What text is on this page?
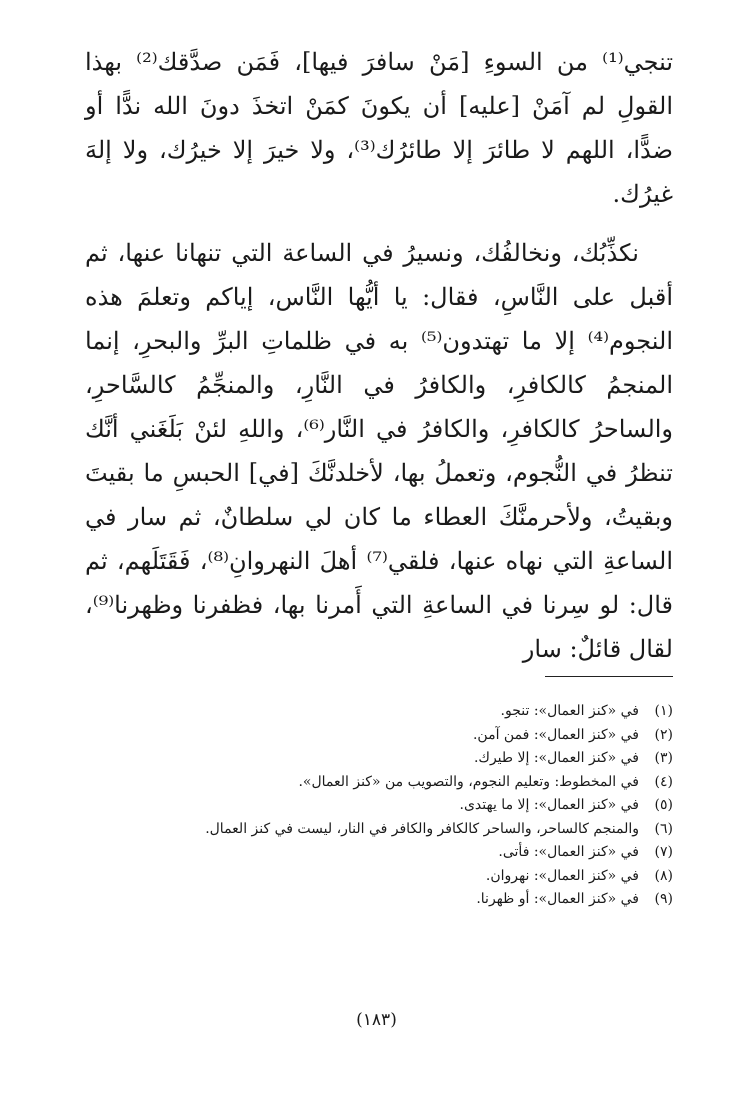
تنجي⁽¹⁾ من السوءِ [مَنْ سافرَ فيها]، فَمَن صدَّقك⁽²⁾ بهذا القولِ لم آمَنْ [عليه] أن يكونَ كمَنْ اتخذَ دونَ الله ندًّا أو ضدًّا، اللهم لا طائرَ إلا طائرُك⁽³⁾، ولا خيرَ إلا خيرُك، ولا إلهَ غيرُك.

نكذِّبُك، ونخالفُك، ونسيرُ في الساعة التي تنهانا عنها، ثم أقبل على النَّاسِ، فقال: يا أيُّها النَّاس، إياكم وتعلمَ هذه النجوم⁽⁴⁾ إلا ما تهتدون⁽⁵⁾ به في ظلماتِ البرِّ والبحرِ، إنما المنجمُ كالكافرِ، والكافرُ في النَّارِ، والمنجِّمُ كالسَّاحرِ، والساحرُ كالكافرِ، والكافرُ في النَّار⁽⁶⁾، واللهِ لئنْ بَلَغَني أنَّك تنظرُ في النُّجوم، وتعملُ بها، لأخلدنَّكَ [في] الحبسِ ما بقيتَ وبقيتُ، ولأحرمنَّكَ العطاء ما كان لي سلطانٌ، ثم سار في الساعةِ التي نهاه عنها، فلقي⁽⁷⁾ أهلَ النهروانِ⁽⁸⁾، فَقَتَلَهم، ثم قال: لو سِرنا في الساعةِ التي أَمرنا بها، فظفرنا وظهرنا⁽⁹⁾، لقال قائلٌ: سار

(١)
في «كنز العمال»: تنجو.
(٢)
في «كنز العمال»: فمن آمن.
(٣)
في «كنز العمال»: إلا طيرك.
(٤)
في المخطوط: وتعليم النجوم، والتصويب من «كنز العمال».
(٥)
في «كنز العمال»: إلا ما يهتدى.
(٦)
والمنجم كالساحر، والساحر كالكافر والكافر في النار، ليست في كنز العمال.
(٧)
في «كنز العمال»: فأتى.
(٨)
في «كنز العمال»: نهروان.
(٩)
في «كنز العمال»: أو ظهرنا.
(١٨٣)
